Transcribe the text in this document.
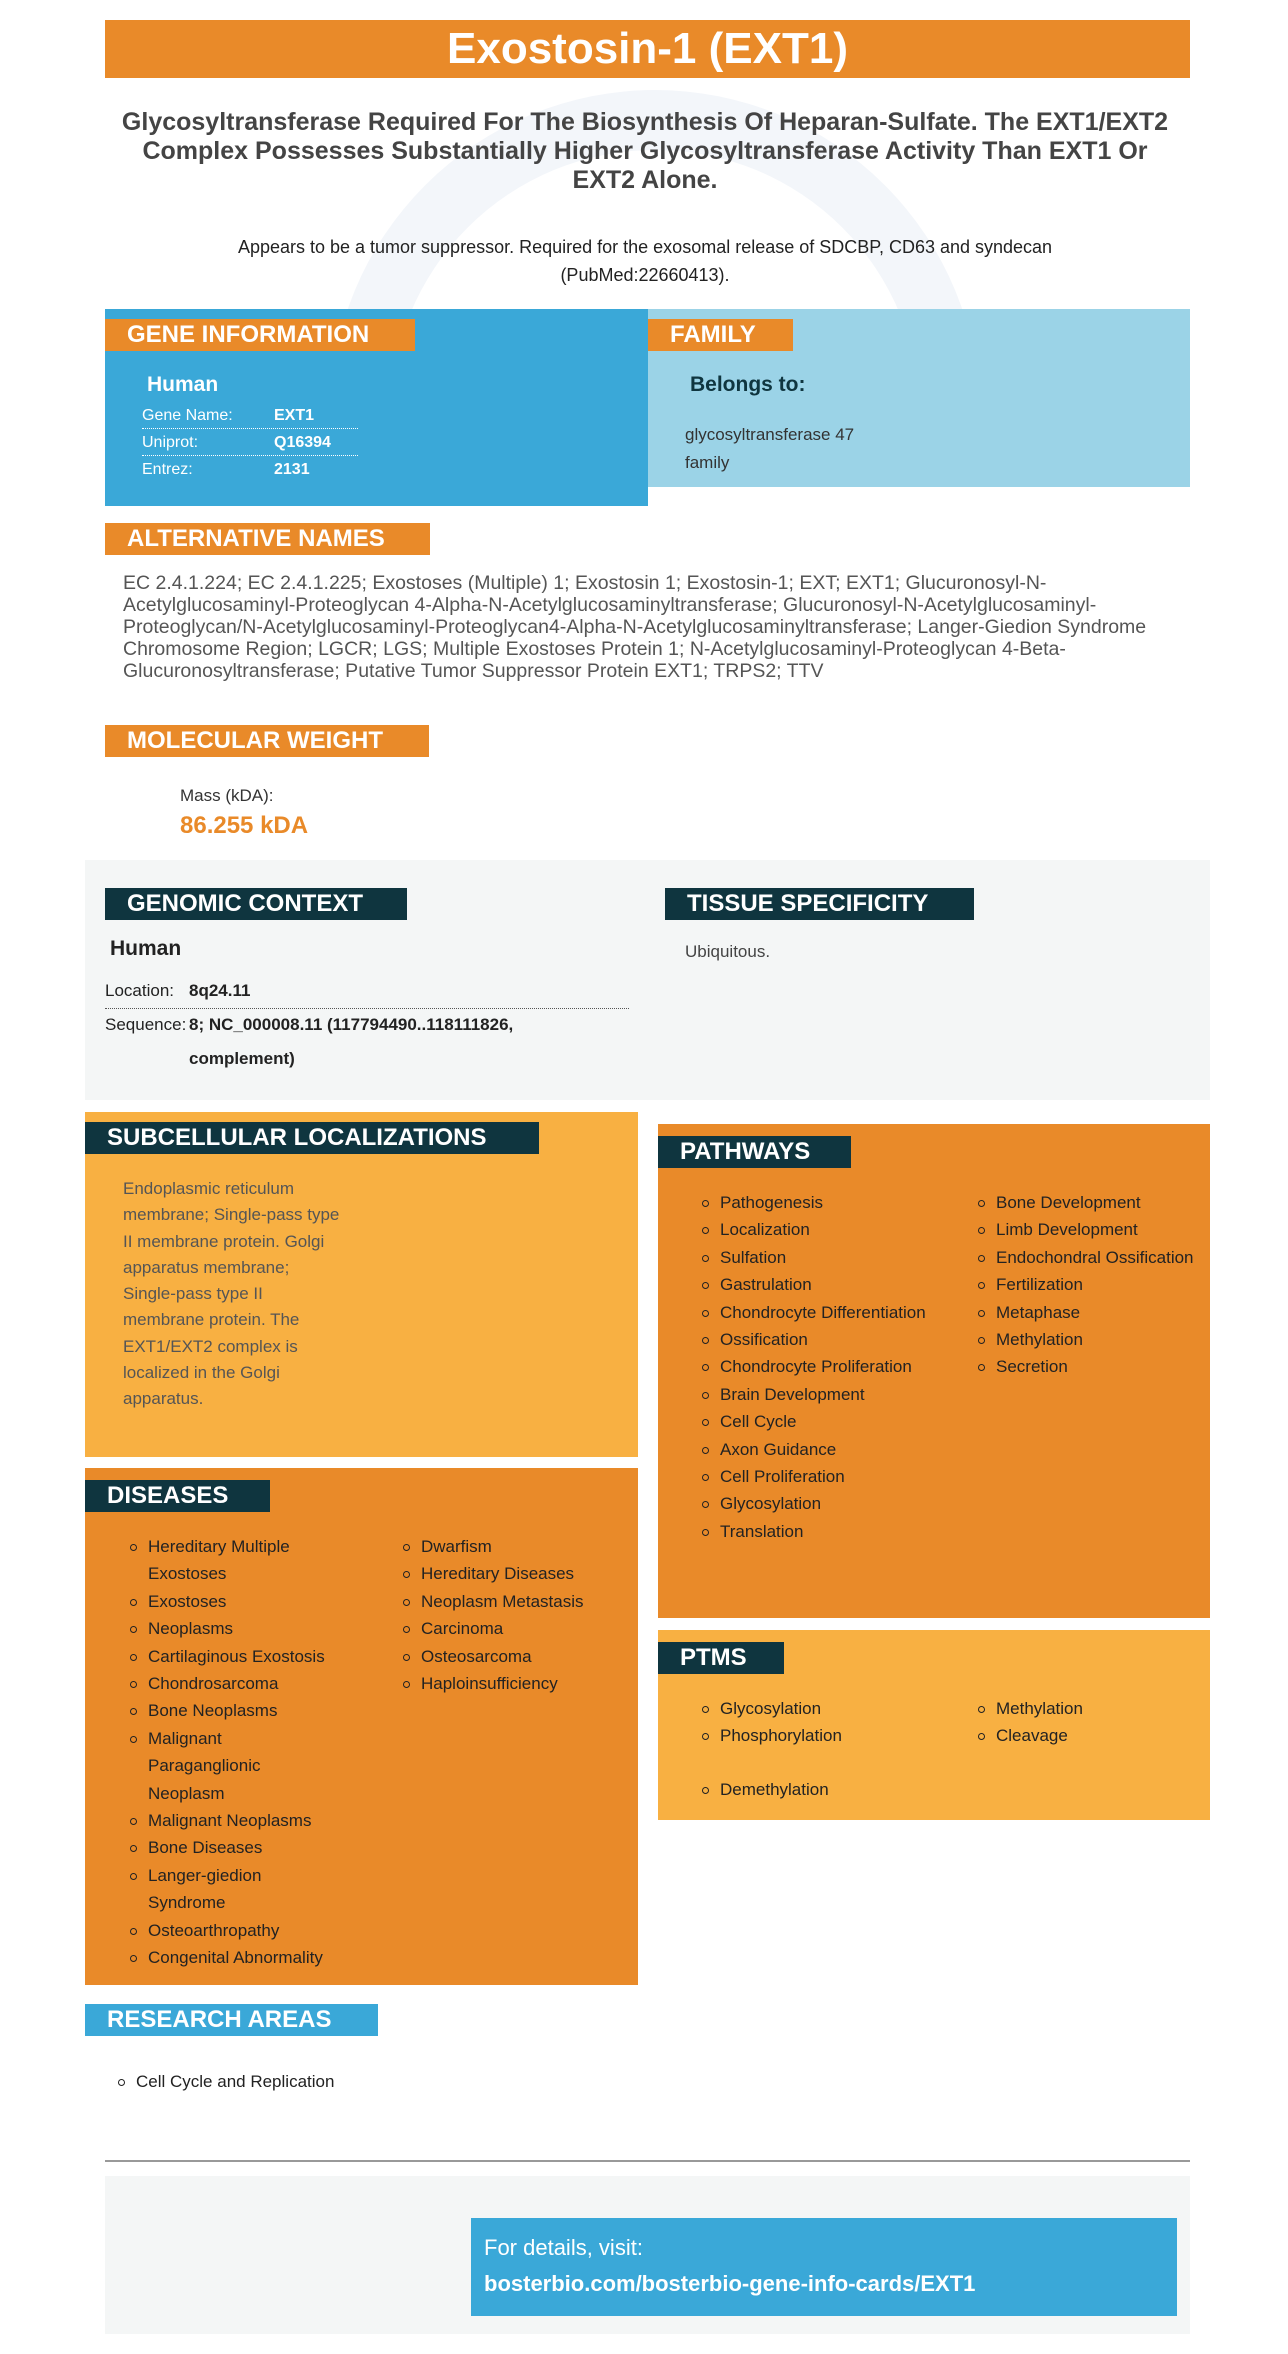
Exostosin-1 (EXT1)
Glycosyltransferase Required For The Biosynthesis Of Heparan-Sulfate. The EXT1/EXT2 Complex Possesses Substantially Higher Glycosyltransferase Activity Than EXT1 Or EXT2 Alone.
Appears to be a tumor suppressor. Required for the exosomal release of SDCBP, CD63 and syndecan (PubMed:22660413).
GENE INFORMATION
Human
Gene Name:	EXT1
Uniprot:	Q16394
Entrez:	2131
FAMILY
Belongs to:
glycosyltransferase 47 family
ALTERNATIVE NAMES
EC 2.4.1.224; EC 2.4.1.225; Exostoses (Multiple) 1; Exostosin 1; Exostosin-1; EXT; EXT1; Glucuronosyl-N-Acetylglucosaminyl-Proteoglycan 4-Alpha-N-Acetylglucosaminyltransferase; Glucuronosyl-N-Acetylglucosaminyl-Proteoglycan/N-Acetylglucosaminyl-Proteoglycan4-Alpha-N-Acetylglucosaminyltransferase; Langer-Giedion Syndrome Chromosome Region; LGCR; LGS; Multiple Exostoses Protein 1; N-Acetylglucosaminyl-Proteoglycan 4-Beta-Glucuronosyltransferase; Putative Tumor Suppressor Protein EXT1; TRPS2; TTV
MOLECULAR WEIGHT
Mass (kDA):
86.255 kDA
GENOMIC CONTEXT
Human
Location: 8q24.11
Sequence: 8; NC_000008.11 (117794490..118111826, complement)
TISSUE SPECIFICITY
Ubiquitous.
SUBCELLULAR LOCALIZATIONS
Endoplasmic reticulum membrane; Single-pass type II membrane protein. Golgi apparatus membrane; Single-pass type II membrane protein. The EXT1/EXT2 complex is localized in the Golgi apparatus.
PATHWAYS
Pathogenesis
Localization
Sulfation
Gastrulation
Chondrocyte Differentiation
Ossification
Chondrocyte Proliferation
Brain Development
Cell Cycle
Axon Guidance
Cell Proliferation
Glycosylation
Translation
Bone Development
Limb Development
Endochondral Ossification
Fertilization
Metaphase
Methylation
Secretion
PTMS
Glycosylation
Phosphorylation
Methylation
Cleavage
Demethylation
DISEASES
Hereditary Multiple Exostoses
Exostoses
Neoplasms
Cartilaginous Exostosis
Chondrosarcoma
Bone Neoplasms
Malignant Paraganglionic Neoplasm
Malignant Neoplasms
Bone Diseases
Langer-giedion Syndrome
Osteoarthropathy
Congenital Abnormality
Dwarfism
Hereditary Diseases
Neoplasm Metastasis
Carcinoma
Osteosarcoma
Haploinsufficiency
RESEARCH AREAS
Cell Cycle and Replication
For details, visit:
bosterbio.com/bosterbio-gene-info-cards/EXT1
